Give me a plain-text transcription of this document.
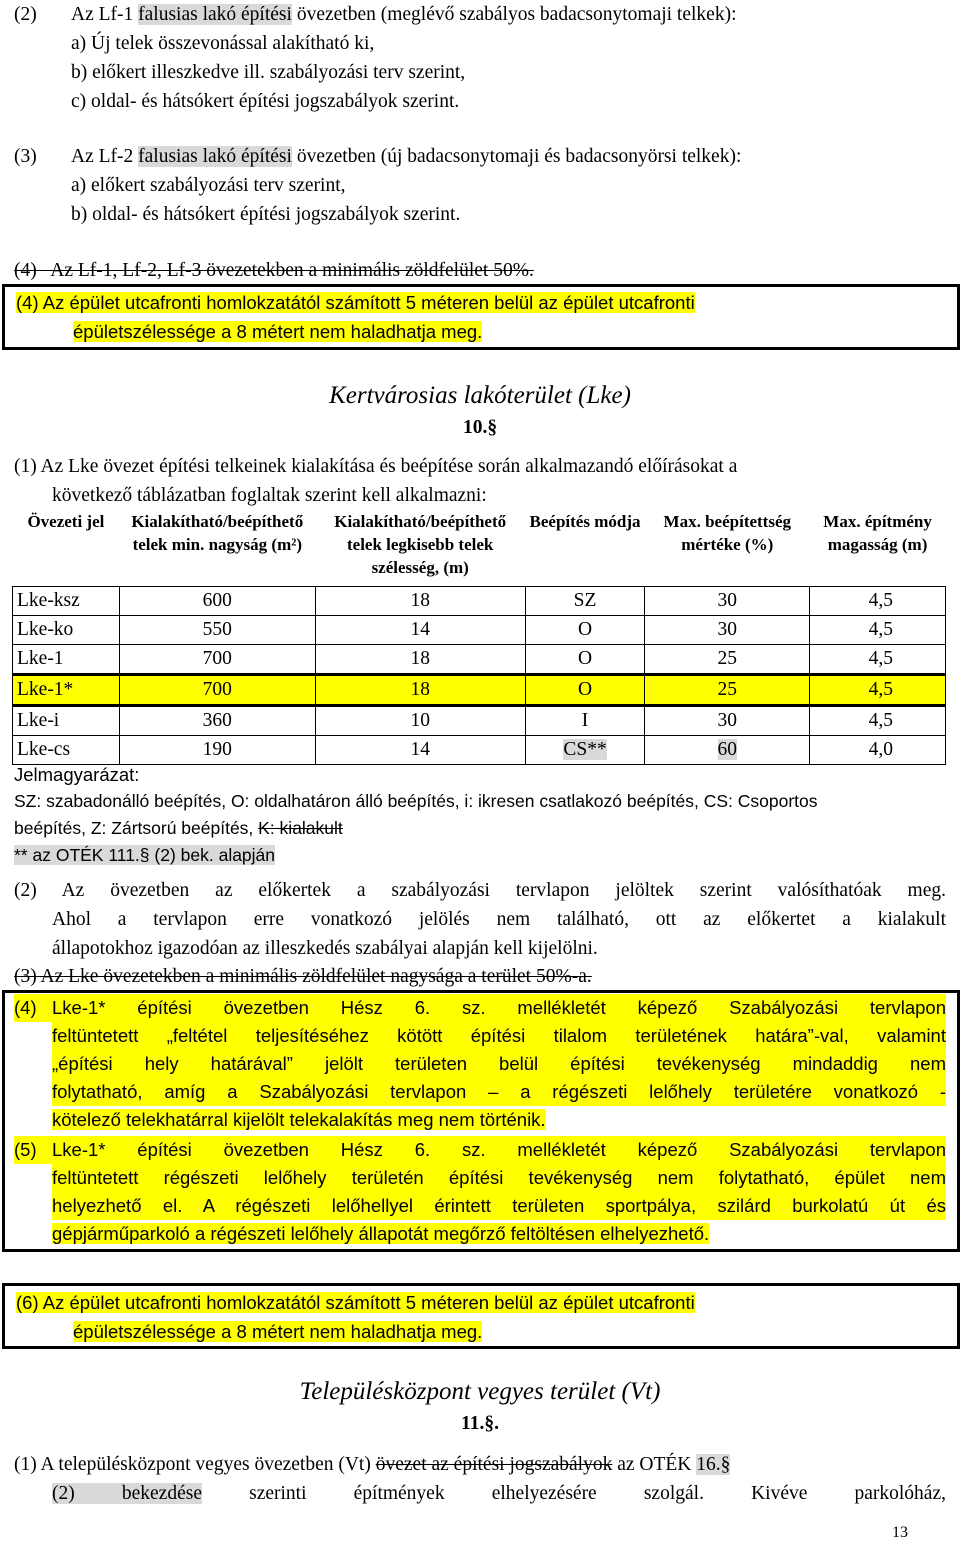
(2)	Az Lf-1 falusias lakó építési övezetben (meglévő szabályos badacsonytomaji telkek):
a) Új telek összevonással alakítható ki,
b) előkert illeszkedve ill. szabályozási terv szerint,
c) oldal- és hátsókert építési jogszabályok szerint.
(3)	Az Lf-2 falusias lakó építési övezetben (új badacsonytomaji és badacsonyörsi telkek):
a) előkert szabályozási terv szerint,
b) oldal- és hátsókert építési jogszabályok szerint.
(4)   Az Lf-1, Lf-2, Lf-3 övezetekben a minimális zöldfelület 50%.
(4) Az épület utcafronti homlokzatától számított 5 méteren belül az épület utcafronti
épületszélessége a 8 métert nem haladhatja meg.
Kertvárosias lakóterület (Lke)
10.§
(1) Az Lke övezet építési telkeinek kialakítása és beépítése során alkalmazandó előírásokat a
következő táblázatban foglaltak szerint kell alkalmazni:
Övezeti jel	Kialakítható/beépíthető telek min. nagyság (m²)	Kialakítható/beépíthető telek legkisebb telek szélesség, (m)	Beépítés módja	Max. beépítettség mértéke (%)	Max. építmény magasság (m)
Lke-ksz	600	18	SZ	30	4,5
Lke-ko	550	14	O	30	4,5
Lke-1	700	18	O	25	4,5
Lke-1*	700	18	O	25	4,5
Lke-i	360	10	I	30	4,5
Lke-cs	190	14	CS**	60	4,0
Jelmagyarázat:
SZ: szabadonálló beépítés, O: oldalhatáron álló beépítés, i: ikresen csatlakozó beépítés, CS: Csoportos
beépítés, Z: Zártsorú beépítés, K: kialakult
** az OTÉK 111.§ (2) bek. alapján
(2) Az övezetben az előkertek a szabályozási tervlapon jelöltek szerint valósíthatóak meg.
Ahol a tervlapon erre vonatkozó jelölés nem található, ott az előkertet a kialakult
állapotokhoz igazodóan az illeszkedés szabályai alapján kell kijelölni.
(3) Az Lke övezetekben a minimális zöldfelület nagysága a terület 50%-a.
(4) Lke-1* építési övezetben Hész 6. sz. mellékletét képező Szabályozási tervlapon
feltüntetett „feltétel teljesítéséhez kötött építési tilalom területének határa”-val, valamint
„építési hely határával” jelölt területen belül építési tevékenység mindaddig nem
folytatható, amíg a Szabályozási tervlapon – a régészeti lelőhely területére vonatkozó -
kötelező telekhatárral kijelölt telekalakítás meg nem történik.
(5) Lke-1* építési övezetben Hész 6. sz. mellékletét képező Szabályozási tervlapon
feltüntetett régészeti lelőhely területén építési tevékenység nem folytatható, épület nem
helyezhető el. A régészeti lelőhellyel érintett területen sportpálya, szilárd burkolatú út és
gépjárműparkoló a régészeti lelőhely állapotát megőrző feltöltésen elhelyezhető.
(6) Az épület utcafronti homlokzatától számított 5 méteren belül az épület utcafronti
épületszélessége a 8 métert nem haladhatja meg.
Településközpont vegyes terület (Vt)
11.§.
(1) A településközpont vegyes övezetben (Vt) övezet az építési jogszabályok az OTÉK 16.§
(2) bekezdése szerinti építmények elhelyezésére szolgál. Kivéve parkolóház,
13
